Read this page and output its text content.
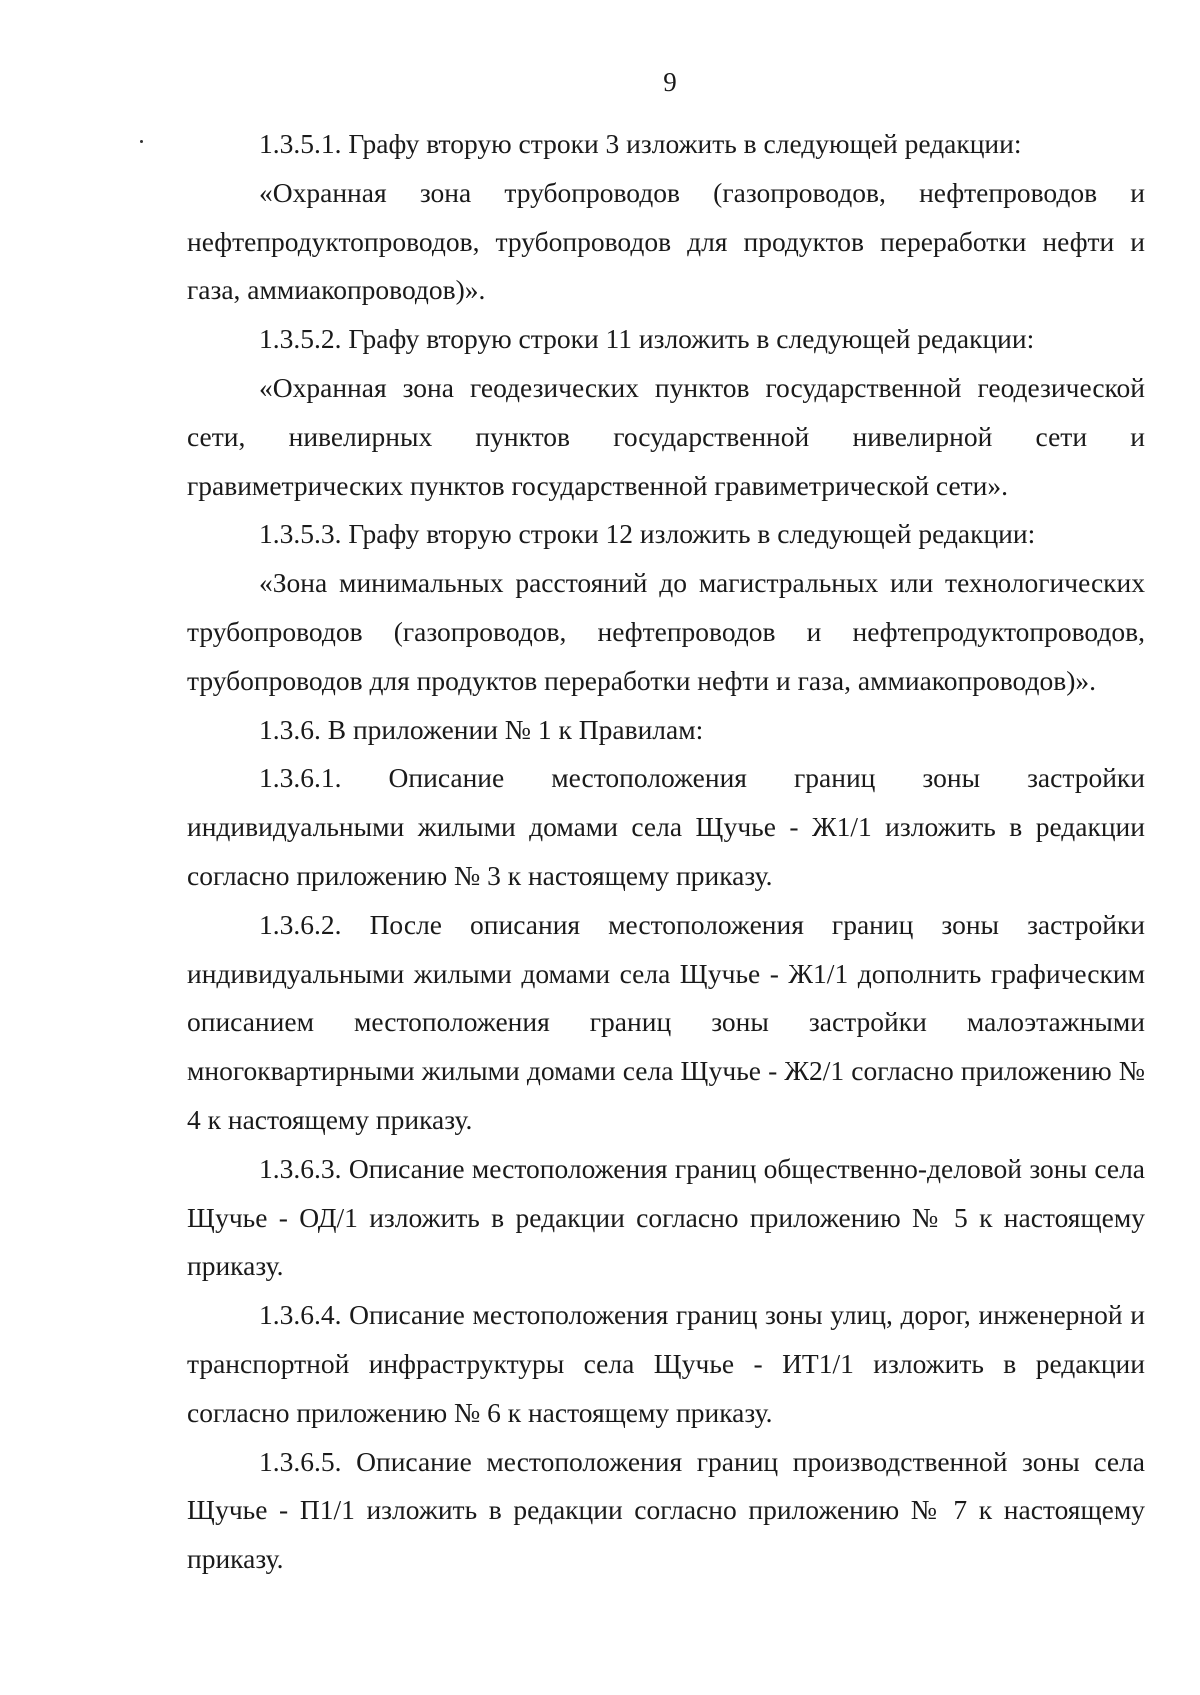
9

1.3.5.1. Графу вторую строки 3 изложить в следующей редакции:

«Охранная зона трубопроводов (газопроводов, нефтепроводов и нефтепродуктопроводов, трубопроводов для продуктов переработки нефти и газа, аммиакопроводов)».

1.3.5.2. Графу вторую строки 11 изложить в следующей редакции:

«Охранная зона геодезических пунктов государственной геодезической сети, нивелирных пунктов государственной нивелирной сети и гравиметрических пунктов государственной гравиметрической сети».

1.3.5.3. Графу вторую строки 12 изложить в следующей редакции:

«Зона минимальных расстояний до магистральных или технологических трубопроводов (газопроводов, нефтепроводов и нефтепродуктопроводов, трубопроводов для продуктов переработки нефти и газа, аммиакопроводов)».

1.3.6. В приложении № 1 к Правилам:

1.3.6.1. Описание местоположения границ зоны застройки индивидуальными жилыми домами села Щучье - Ж1/1 изложить в редакции согласно приложению № 3 к настоящему приказу.

1.3.6.2. После описания местоположения границ зоны застройки индивидуальными жилыми домами села Щучье - Ж1/1 дополнить графическим описанием местоположения границ зоны застройки малоэтажными многоквартирными жилыми домами села Щучье - Ж2/1 согласно приложению № 4 к настоящему приказу.

1.3.6.3. Описание местоположения границ общественно-деловой зоны села Щучье - ОД/1 изложить в редакции согласно приложению № 5 к настоящему приказу.

1.3.6.4. Описание местоположения границ зоны улиц, дорог, инженерной и транспортной инфраструктуры села Щучье - ИТ1/1 изложить в редакции согласно приложению № 6 к настоящему приказу.

1.3.6.5. Описание местоположения границ производственной зоны села Щучье - П1/1 изложить в редакции согласно приложению № 7 к настоящему приказу.
